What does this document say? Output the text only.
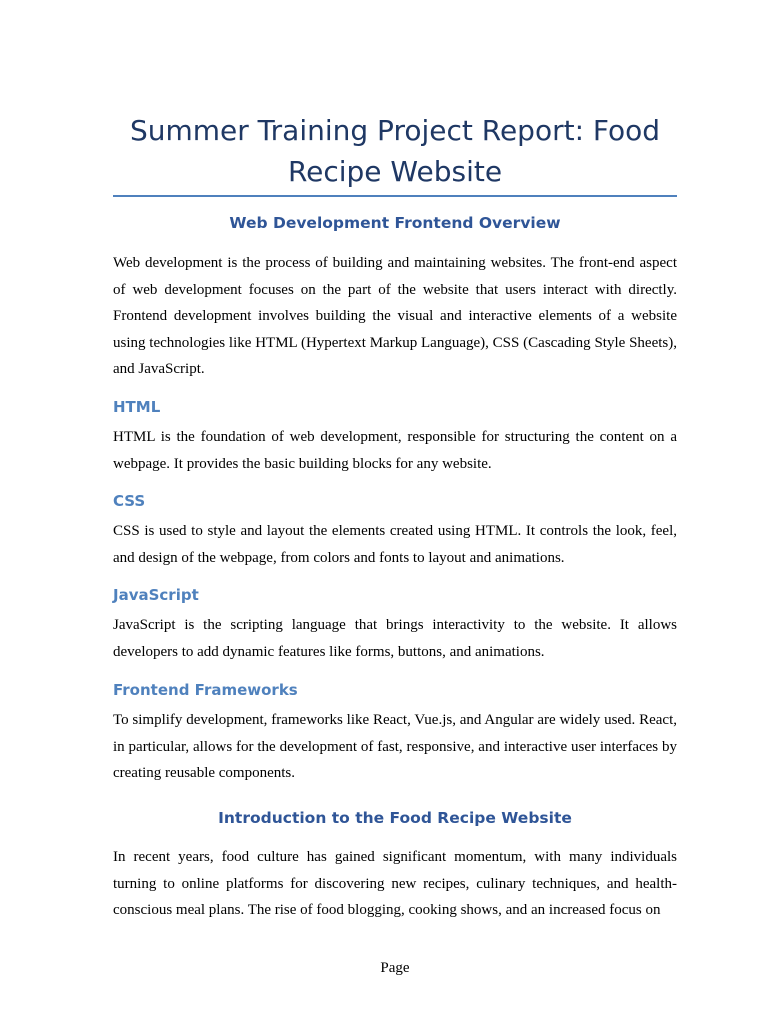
Summer Training Project Report: Food Recipe Website
Web Development Frontend Overview

Web development is the process of building and maintaining websites. The front-end aspect of web development focuses on the part of the website that users interact with directly. Frontend development involves building the visual and interactive elements of a website using technologies like HTML (Hypertext Markup Language), CSS (Cascading Style Sheets), and JavaScript.

HTML

HTML is the foundation of web development, responsible for structuring the content on a webpage. It provides the basic building blocks for any website.

CSS

CSS is used to style and layout the elements created using HTML. It controls the look, feel, and design of the webpage, from colors and fonts to layout and animations.

JavaScript

JavaScript is the scripting language that brings interactivity to the website. It allows developers to add dynamic features like forms, buttons, and animations.

Frontend Frameworks

To simplify development, frameworks like React, Vue.js, and Angular are widely used. React, in particular, allows for the development of fast, responsive, and interactive user interfaces by creating reusable components.

Introduction to the Food Recipe Website

In recent years, food culture has gained significant momentum, with many individuals turning to online platforms for discovering new recipes, culinary techniques, and health-conscious meal plans. The rise of food blogging, cooking shows, and an increased focus on

Page
